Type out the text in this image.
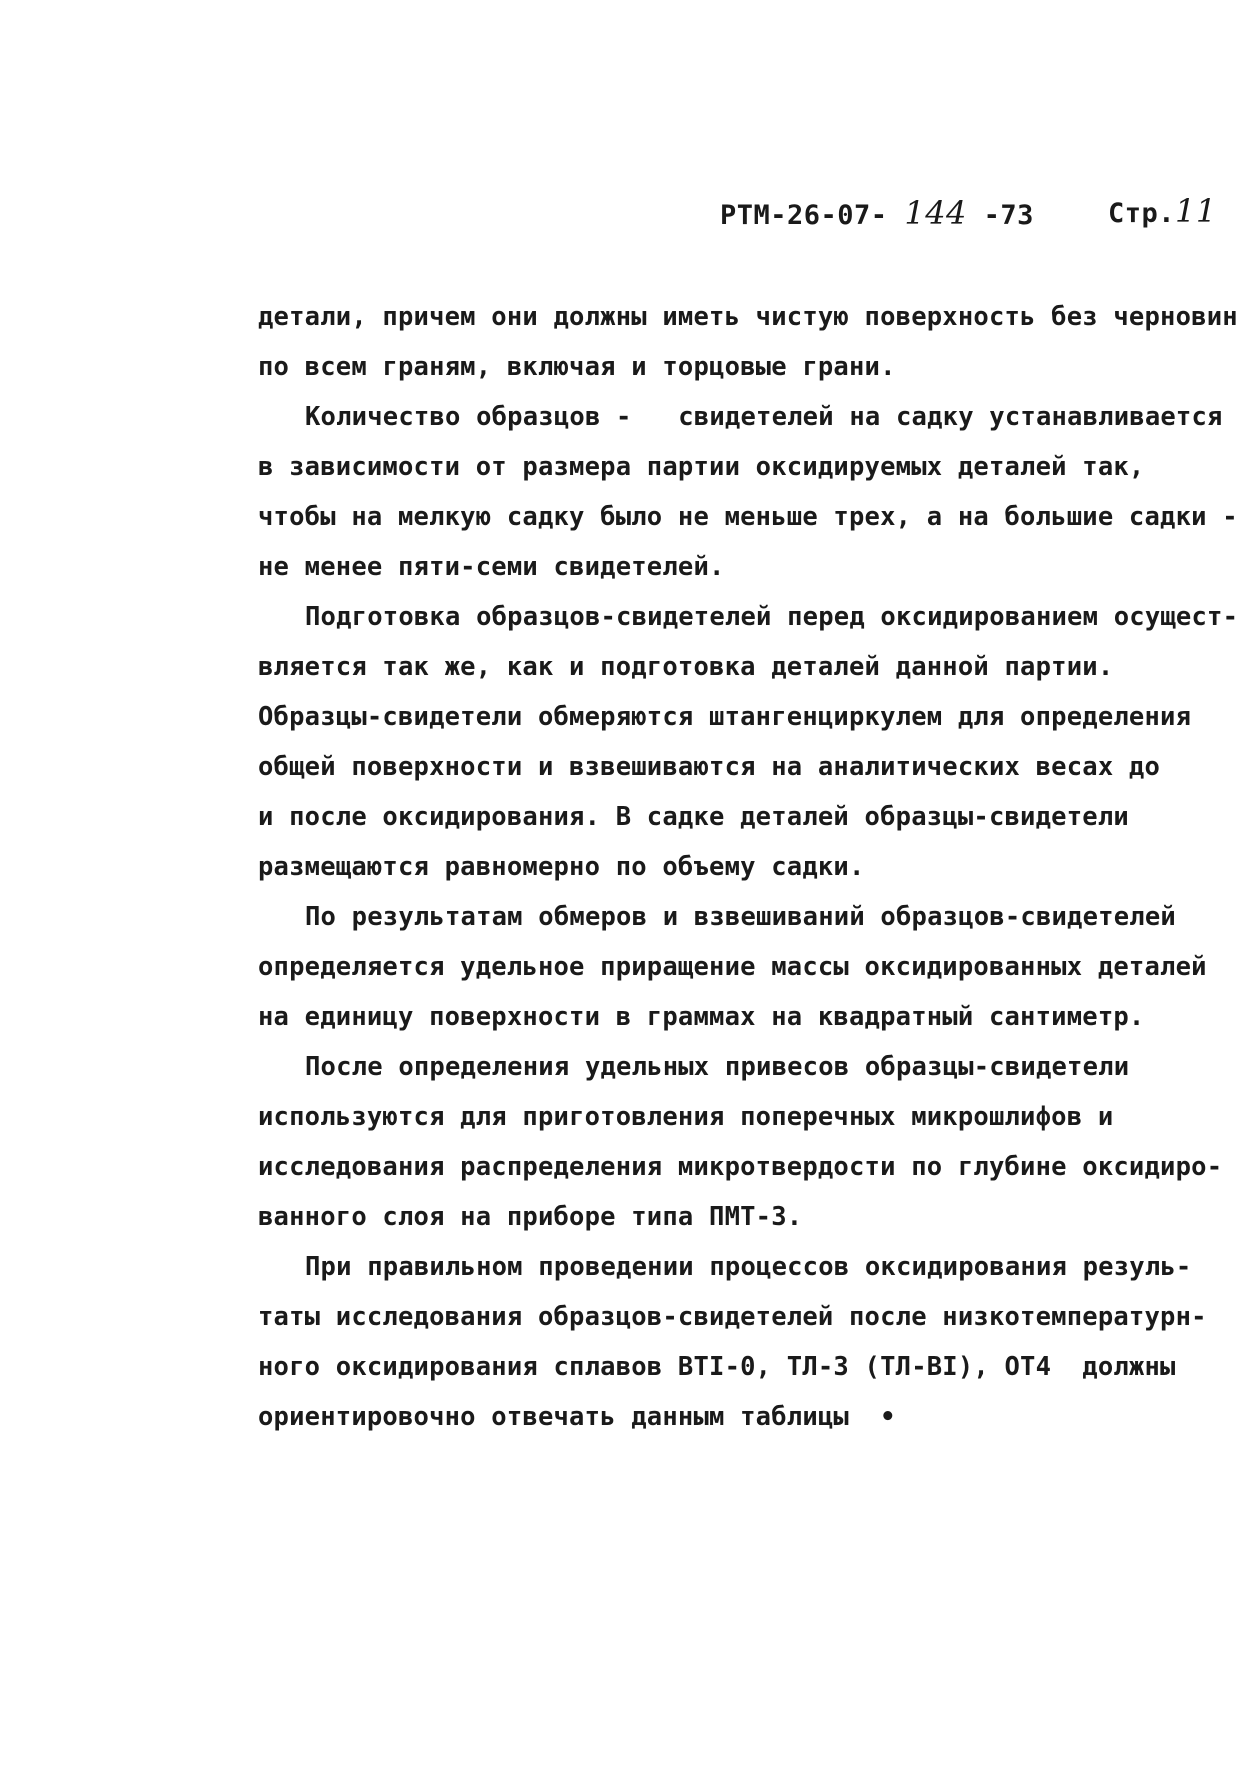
РТМ-26-07- 144 -73	Стр.11
детали, причем они должны иметь чистую поверхность без черновин
по всем граням, включая и торцовые грани.
Количество образцов -   свидетелей на садку устанавливается
в зависимости от размера партии оксидируемых деталей так,
чтобы на мелкую садку было не меньше трех, а на большие садки -
не менее пяти-семи свидетелей.
Подготовка образцов-свидетелей перед оксидированием осущест-
вляется так же, как и подготовка деталей данной партии.
Образцы-свидетели обмеряются штангенциркулем для определения
общей поверхности и взвешиваются на аналитических весах до
и после оксидирования. В садке деталей образцы-свидетели
размещаются равномерно по объему садки.
По результатам обмеров и взвешиваний образцов-свидетелей
определяется удельное приращение массы оксидированных деталей
на единицу поверхности в граммах на квадратный сантиметр.
После определения удельных привесов образцы-свидетели
используются для приготовления поперечных микрошлифов и
исследования распределения микротвердости по глубине оксидиро-
ванного слоя на приборе типа ПМТ-3.
При правильном проведении процессов оксидирования резуль-
таты исследования образцов-свидетелей после низкотемпературн-
ного оксидирования сплавов ВТI-0, ТЛ-3 (ТЛ-ВI), ОТ4  должны
ориентировочно отвечать данным таблицы  •
